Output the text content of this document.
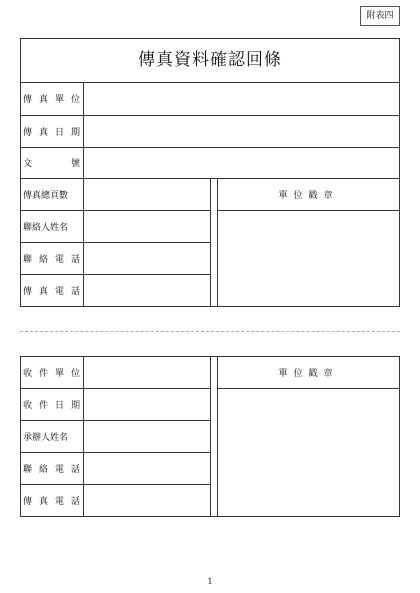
附表四
傳真資料確認回條
傳 真 單 位
傳 真 日 期
文	號
傳真總頁數
聯絡人姓名
聯 絡 電 話
傳 真 電 話
單位戳章
收 件 單 位
收 件 日 期
承辦人姓名
聯 絡 電 話
傳 真 電 話
單位戳章
1
